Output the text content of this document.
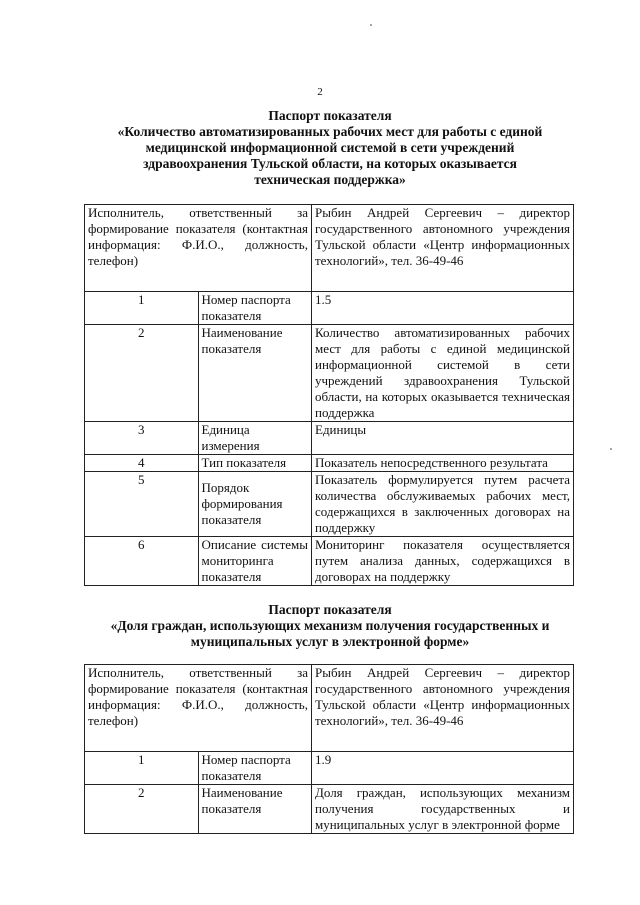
2
Паспорт показателя
«Количество автоматизированных рабочих мест для работы с единой
медицинской информационной системой в сети учреждений
здравоохранения Тульской области, на которых оказывается
техническая поддержка»
Исполнитель, ответственный за формирование показателя (контактная информация: Ф.И.О., должность, телефон)		Рыбин Андрей Сергеевич – директор государственного автономного учреждения Тульской области «Центр информационных технологий», тел. 36-49-46
1	Номер паспорта показателя	1.5
2	Наименование показателя	Количество автоматизированных рабочих мест для работы с единой медицинской информационной системой в сети учреждений здравоохранения Тульской области, на которых оказывается техническая поддержка
3	Единица измерения	Единицы
4	Тип показателя	Показатель непосредственного результата
5	Порядок формирования показателя	Показатель формулируется путем расчета количества обслуживаемых рабочих мест, содержащихся в заключенных договорах на поддержку
6	Описание системы мониторинга показателя	Мониторинг показателя осуществляется путем анализа данных, содержащихся в договорах на поддержку
Паспорт показателя
«Доля граждан, использующих механизм получения государственных и
муниципальных услуг в электронной форме»
Исполнитель, ответственный за формирование показателя (контактная информация: Ф.И.О., должность, телефон)		Рыбин Андрей Сергеевич – директор государственного автономного учреждения Тульской области «Центр информационных технологий», тел. 36-49-46
1	Номер паспорта показателя	1.9
2	Наименование показателя	Доля граждан, использующих механизм получения государственных и муниципальных услуг в электронной форме
